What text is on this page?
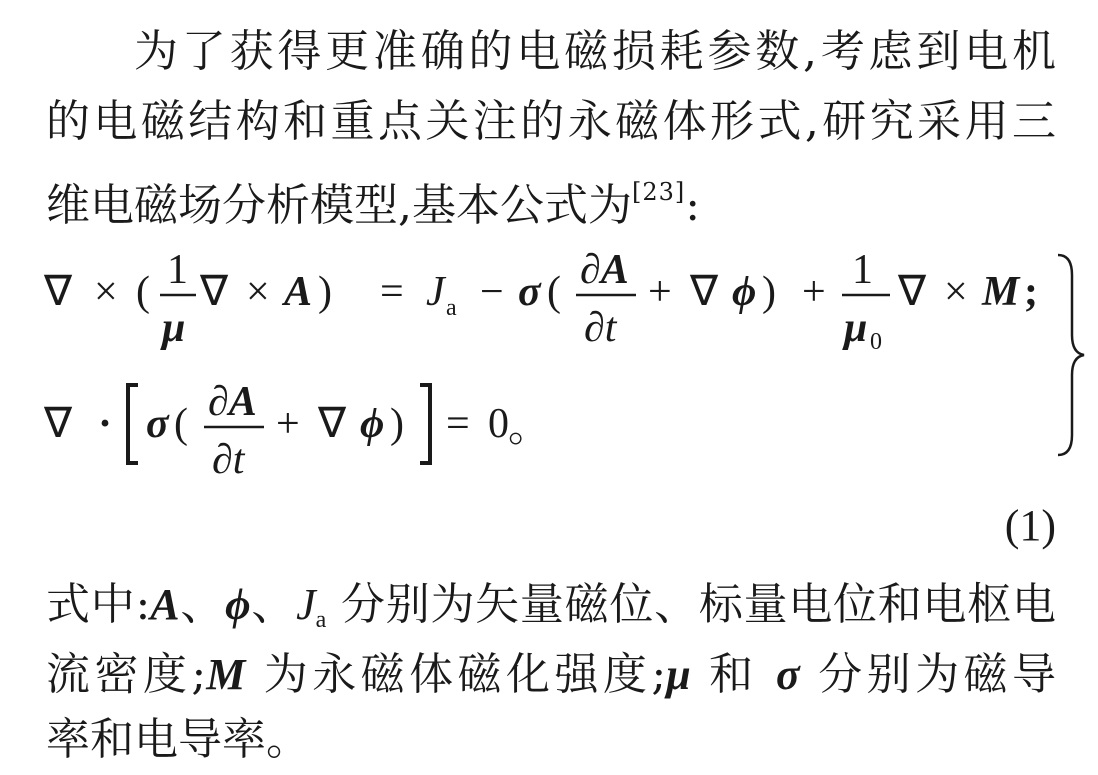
为了获得更准确的电磁损耗参数,考虑到电机
的电磁结构和重点关注的永磁体形式,研究采用三
维电磁场分析模型,基本公式为[23]:
∇ × ( 1
μ
∇ × A ) = J a − σ ( ∂A
∂t
+ ∇ ϕ ) + 1
μ 0
∇ × M ;
∇ · σ ( ∂A
∂t
+ ∇ ϕ ) = 0 。
(1)
式中:A、ϕ、$J_a$ 分别为矢量磁位、标量电位和电枢电
流密度;M 为永磁体磁化强度;μ 和 σ 分别为磁导
率和电导率。
